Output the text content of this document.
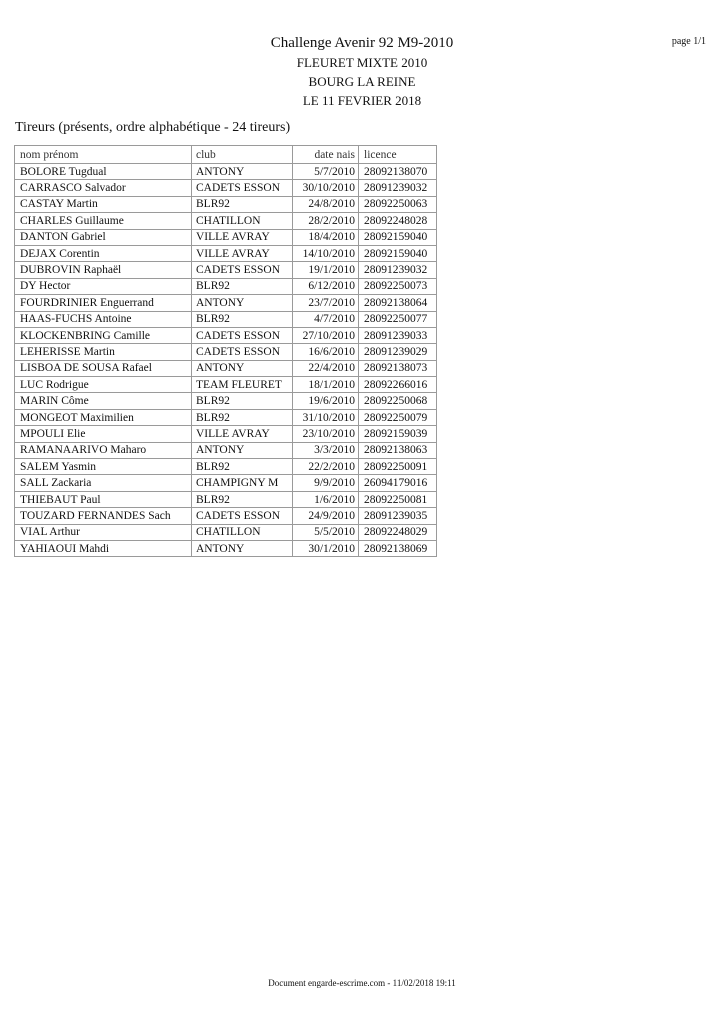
Challenge Avenir 92 M9-2010
FLEURET MIXTE 2010
BOURG LA REINE
LE 11 FEVRIER 2018
page 1/1
Tireurs (présents, ordre alphabétique - 24 tireurs)
nom prénom	club	date nais	licence
BOLORE Tugdual	ANTONY	5/7/2010	28092138070
CARRASCO Salvador	CADETS ESSON	30/10/2010	28091239032
CASTAY Martin	BLR92	24/8/2010	28092250063
CHARLES Guillaume	CHATILLON	28/2/2010	28092248028
DANTON Gabriel	VILLE AVRAY	18/4/2010	28092159040
DEJAX Corentin	VILLE AVRAY	14/10/2010	28092159040
DUBROVIN Raphaël	CADETS ESSON	19/1/2010	28091239032
DY Hector	BLR92	6/12/2010	28092250073
FOURDRINIER Enguerrand	ANTONY	23/7/2010	28092138064
HAAS-FUCHS Antoine	BLR92	4/7/2010	28092250077
KLOCKENBRING Camille	CADETS ESSON	27/10/2010	28091239033
LEHERISSE Martin	CADETS ESSON	16/6/2010	28091239029
LISBOA DE SOUSA Rafael	ANTONY	22/4/2010	28092138073
LUC Rodrigue	TEAM FLEURET	18/1/2010	28092266016
MARIN Côme	BLR92	19/6/2010	28092250068
MONGEOT Maximilien	BLR92	31/10/2010	28092250079
MPOULI Elie	VILLE AVRAY	23/10/2010	28092159039
RAMANAARIVO Maharo	ANTONY	3/3/2010	28092138063
SALEM Yasmin	BLR92	22/2/2010	28092250091
SALL Zackaria	CHAMPIGNY M	9/9/2010	26094179016
THIEBAUT Paul	BLR92	1/6/2010	28092250081
TOUZARD FERNANDES Sach	CADETS ESSON	24/9/2010	28091239035
VIAL Arthur	CHATILLON	5/5/2010	28092248029
YAHIAOUI Mahdi	ANTONY	30/1/2010	28092138069
Document engarde-escrime.com - 11/02/2018 19:11
